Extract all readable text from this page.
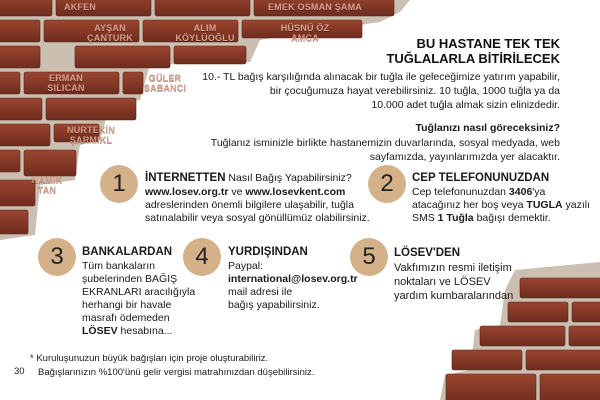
AKFEN	EMEK OSMAN ŞAMA
AYŞAN
ÇANTURK
ALIM
KÖYLÜOĞLU
HÜSNÜ ÖZ
AMCA
ERMAN
SILICAN
GÜLER
SABANCI
NURTEKİN
ŞARMIKL
NAMIK
TAN
BU HASTANE TEK TEK
TUĞLALARLA BİTİRİLECEK
10.- TL bağış karşılığında alınacak bir tuğla ile geleceğimize yatırım yapabilir,
bir çocuğumuza hayat verebilirsiniz. 10 tuğla, 1000 tuğla ya da
10.000 adet tuğla almak sizin elinizdedir.
Tuğlanızı nasıl göreceksiniz?
Tuğlanız isminizle birlikte hastanemizin duvarlarında, sosyal medyada, web
sayfamızda, yayınlarımızda yer alacaktır.
1	İNTERNETTEN Nasıl Bağış Yapabilirsiniz?
www.losev.org.tr ve www.losevkent.com
adreslerinden önemli bilgilere ulaşabilir, tuğla
satınalabilir veya sosyal gönüllümüz olabilirsiniz.
2	CEP TELEFONUNUZDAN
Cep telefonunuzdan 3406'ya
atacağınız her boş veya TUGLA yazılı
SMS 1 Tuğla bağışı demektir.
3	BANKALARDAN
Tüm bankaların
şubelerinden BAĞIŞ
EKRANLARI aracılığıyla
herhangi bir havale
masrafı ödemeden
LÖSEV hesabına...
4	YURDIŞINDAN
Paypal:
international@losev.org.tr
mail adresi ile
bağış yapabilirsiniz.
5	LÖSEV'DEN
Vakfımızın resmi iletişim
noktaları ve LÖSEV
yardım kumbaralarından
30
* Kuruluşunuzun büyük bağışları için proje oluşturabiliriz.
Bağışlarınızın %100'ünü gelir vergisi matrahınızdan düşebilirsiniz.
